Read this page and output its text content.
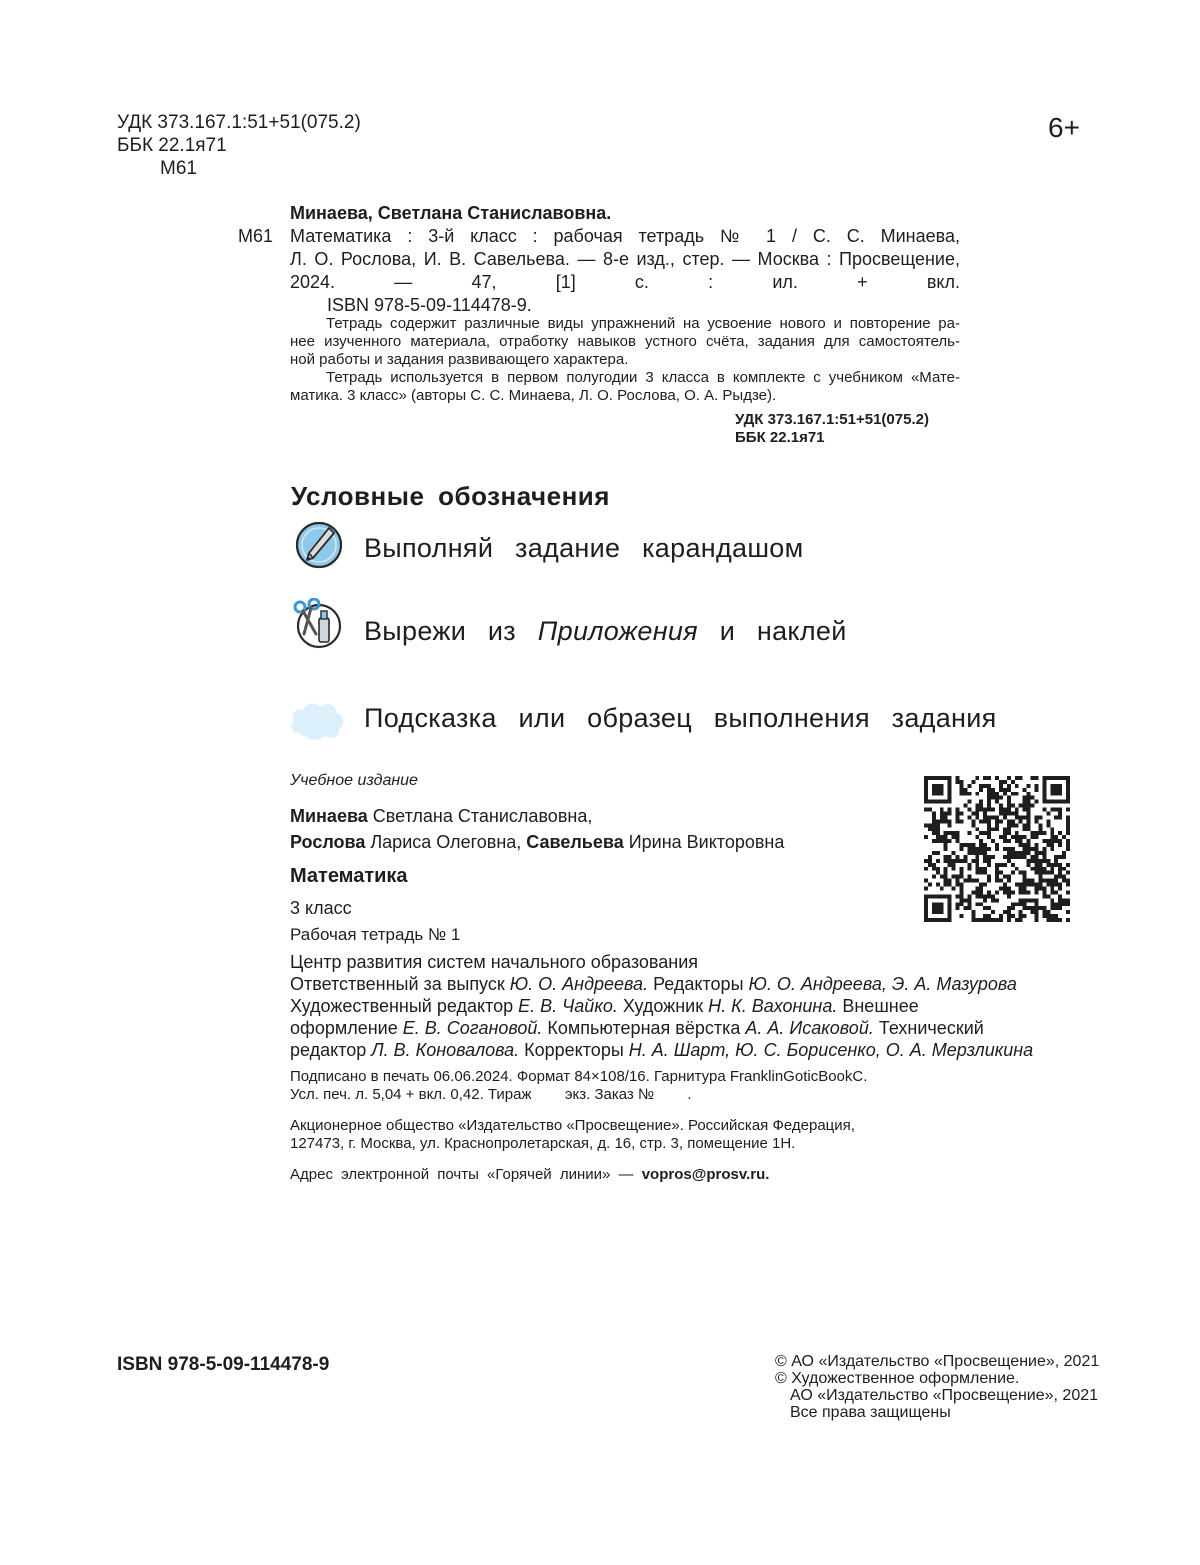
УДК 373.167.1:51+51(075.2)
ББК 22.1я71
М61
6+
Минаева, Светлана Станиславовна.
М61 Математика : 3-й класс : рабочая тетрадь № 1 / С. С. Минаева,
Л. О. Рослова, И. В. Савельева. — 8-е изд., стер. — Москва : Просвещение,
2024. — 47, [1] с. : ил. + вкл.
ISBN 978-5-09-114478-9.
Тетрадь содержит различные виды упражнений на усвоение нового и повторение ра-
нее изученного материала, отработку навыков устного счёта, задания для самостоятель-
ной работы и задания развивающего характера.
Тетрадь используется в первом полугодии 3 класса в комплекте с учебником «Мате-
матика. 3 класс» (авторы С. С. Минаева, Л. О. Рослова, О. А. Рыдзе).
УДК 373.167.1:51+51(075.2)
ББК 22.1я71
Условные обозначения
Выполняй задание карандашом
Вырежи из Приложения и наклей
Подсказка или образец выполнения задания
Учебное издание
Минаева Светлана Станиславовна,
Рослова Лариса Олеговна, Савельева Ирина Викторовна
Математика
3 класс
Рабочая тетрадь № 1
Центр развития систем начального образования
Ответственный за выпуск Ю. О. Андреева. Редакторы Ю. О. Андреева, Э. А. Мазурова
Художественный редактор Е. В. Чайко. Художник Н. К. Вахонина. Внешнее
оформление Е. В. Соганoвой. Компьютерная вёрстка А. А. Исаковой. Технический
редактор Л. В. Коновалова. Корректоры Н. А. Шарт, Ю. С. Борисенко, О. А. Мерзликина
Подписано в печать 06.06.2024. Формат 84×108/16. Гарнитура FranklinGoticBookC.
Усл. печ. л. 5,04 + вкл. 0,42. Тираж        экз. Заказ №        .
Акционерное общество «Издательство «Просвещение». Российская Федерация,
127473, г. Москва, ул. Краснопролетарская, д. 16, стр. 3, помещение 1Н.
Адрес электронной почты «Горячей линии» — vopros@prosv.ru.
ISBN 978-5-09-114478-9	© АО «Издательство «Просвещение», 2021
© Художественное оформление.
АО «Издательство «Просвещение», 2021
Все права защищены
